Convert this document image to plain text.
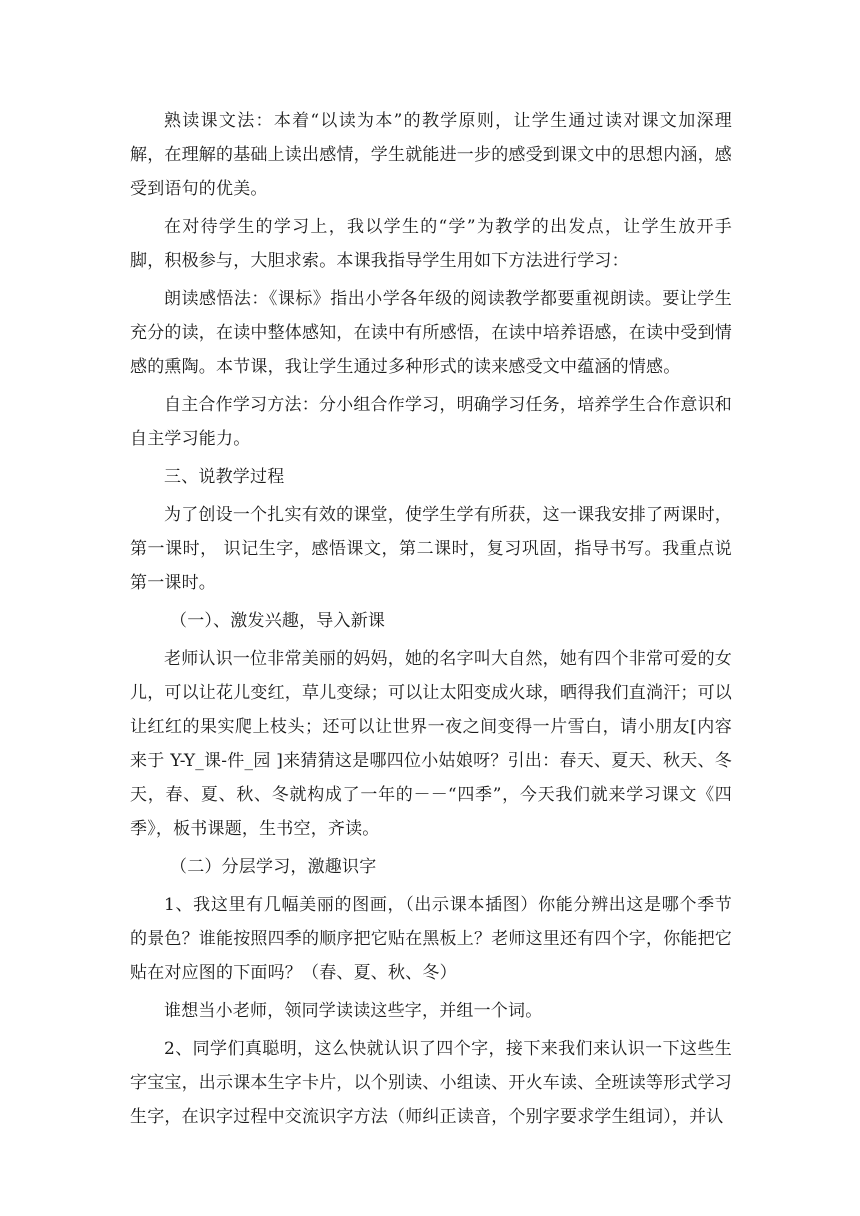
熟读课文法：本着“以读为本”的教学原则，让学生通过读对课文加深理解，在理解的基础上读出感情，学生就能进一步的感受到课文中的思想内涵，感受到语句的优美。

在对待学生的学习上，我以学生的“学”为教学的出发点，让学生放开手脚，积极参与，大胆求索。本课我指导学生用如下方法进行学习：

朗读感悟法：《课标》指出小学各年级的阅读教学都要重视朗读。要让学生充分的读，在读中整体感知，在读中有所感悟，在读中培养语感，在读中受到情感的熏陶。本节课，我让学生通过多种形式的读来感受文中蕴涵的情感。

自主合作学习方法：分小组合作学习，明确学习任务，培养学生合作意识和自主学习能力。

三、说教学过程

为了创设一个扎实有效的课堂，使学生学有所获，这一课我安排了两课时，第一课时， 识记生字，感悟课文，第二课时，复习巩固，指导书写。我重点说第一课时。

（一）、激发兴趣，导入新课

老师认识一位非常美丽的妈妈，她的名字叫大自然，她有四个非常可爱的女儿，可以让花儿变红，草儿变绿；可以让太阳变成火球，晒得我们直淌汗；可以让红红的果实爬上枝头；还可以让世界一夜之间变得一片雪白，请小朋友[内容来于 Y-Y_课-件_园 ]来猜猜这是哪四位小姑娘呀？引出：春天、夏天、秋天、冬天，春、夏、秋、冬就构成了一年的－－“四季”，今天我们就来学习课文《四季》，板书课题，生书空，齐读。

（二）分层学习，激趣识字

1、我这里有几幅美丽的图画，（出示课本插图）你能分辨出这是哪个季节的景色？谁能按照四季的顺序把它贴在黑板上？老师这里还有四个字，你能把它贴在对应图的下面吗？（春、夏、秋、冬）

谁想当小老师，领同学读读这些字，并组一个词。

2、同学们真聪明，这么快就认识了四个字，接下来我们来认识一下这些生字宝宝，出示课本生字卡片，以个别读、小组读、开火车读、全班读等形式学习生字，在识字过程中交流识字方法（师纠正读音，个别字要求学生组词），并认
